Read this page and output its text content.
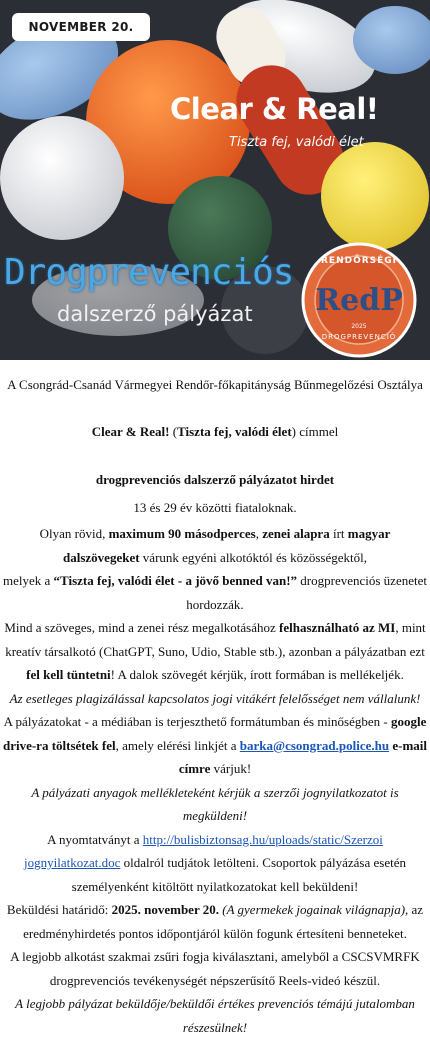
NOVEMBER 20.
Clear & Real!
Tiszta fej, valódi élet
Drogprevenciós
dalszerző pályázat
RENDŐRSÉGI
RedP
2025
DROGPREVENCIÓ

A Csongrád-Csanád Vármegyei Rendőr-főkapitányság Bűnmegelőzési Osztálya

Clear & Real! (Tiszta fej, valódi élet) címmel

drogprevenciós dalszerző pályázatot hirdet

13 és 29 év közötti fiataloknak.

Olyan rövid, maximum 90 másodperces, zenei alapra írt magyar dalszövegeket várunk egyéni alkotóktól és közösségektől,
melyek a “Tiszta fej, valódi élet - a jövő benned van!” drogprevenciós üzenetet hordozzák.

Mind a szöveges, mind a zenei rész megalkotásához felhasználható az MI, mint kreatív társalkotó (ChatGPT, Suno, Udio, Stable stb.), azonban a pályázatban ezt fel kell tüntetni! A dalok szövegét kérjük, írott formában is mellékeljék.

Az esetleges plagizálással kapcsolatos jogi vitákért felelősséget nem vállalunk!

A pályázatokat - a médiában is terjeszthető formátumban és minőségben - google drive-ra töltsétek fel, amely elérési linkjét a barka@csongrad.police.hu e-mail címre várjuk!

A pályázati anyagok mellékleteként kérjük a szerzői jognyilatkozatot is megküldeni!

A nyomtatványt a http://bulisbiztonsag.hu/uploads/static/Szerzoi jognyilatkozat.doc oldalról tudjátok letölteni. Csoportok pályázása esetén személyenként kitöltött nyilatkozatokat kell beküldeni!

Beküldési határidő: 2025. november 20. (A gyermekek jogainak világnapja), az eredményhirdetés pontos időpontjáról külön fogunk értesíteni benneteket.

A legjobb alkotást szakmai zsűri fogja kiválasztani, amelyből a CSCSVMRFK drogprevenciós tevékenységét népszerűsítő Reels-videó készül.

A legjobb pályázat beküldője/beküldői értékes prevenciós témájú jutalomban részesülnek!
